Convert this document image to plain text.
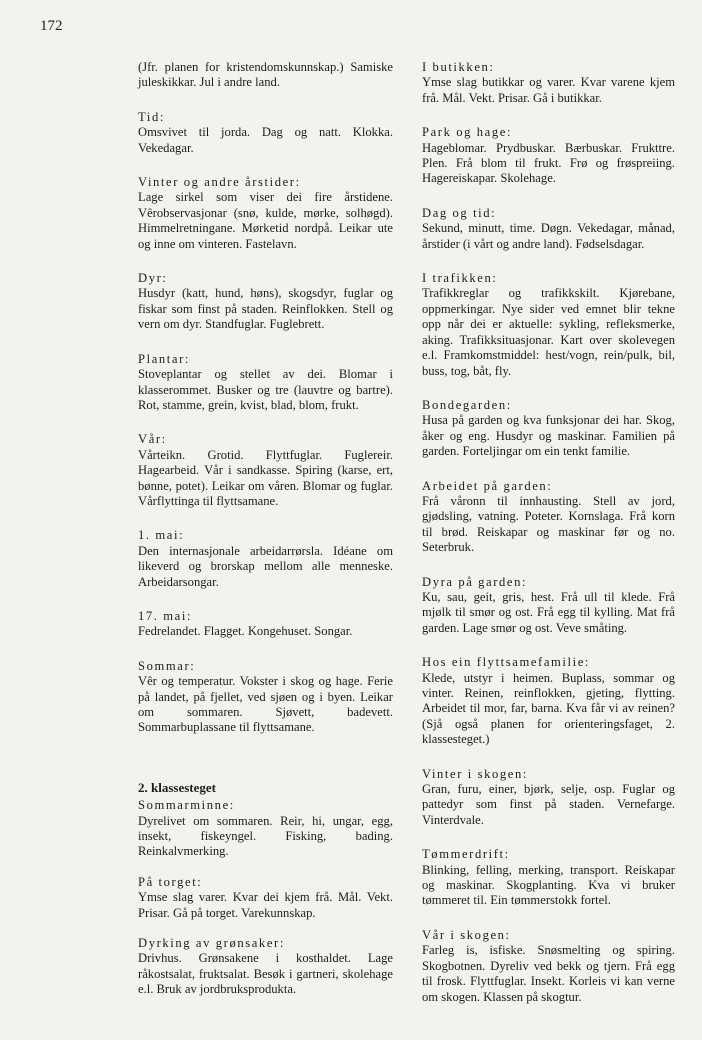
172

(Jfr. planen for kristendomskunnskap.) Samiske juleskikkar. Jul i andre land.

Tid:

Omsvivet til jorda. Dag og natt. Klokka. Vekedagar.

Vinter og andre årstider:

Lage sirkel som viser dei fire årstidene. Vêrobservasjonar (snø, kulde, mørke, solhøgd). Himmelretningane. Mørketid nordpå. Leikar ute og inne om vinteren. Fastelavn.

Dyr:

Husdyr (katt, hund, høns), skogsdyr, fuglar og fiskar som finst på staden. Reinflokken. Stell og vern om dyr. Standfuglar. Fuglebrett.

Plantar:

Stoveplantar og stellet av dei. Blomar i klasserommet. Busker og tre (lauvtre og bartre). Rot, stamme, grein, kvist, blad, blom, frukt.

Vår:

Vårteikn. Grotid. Flyttfuglar. Fuglereir. Hagearbeid. Vår i sandkasse. Spiring (karse, ert, bønne, potet). Leikar om våren. Blomar og fuglar. Vårflyttinga til flyttsamane.

1. mai:

Den internasjonale arbeidarrørsla. Idéane om likeverd og brorskap mellom alle menneske. Arbeidarsongar.

17. mai:

Fedrelandet. Flagget. Kongehuset. Songar.

Sommar:

Vêr og temperatur. Vokster i skog og hage. Ferie på landet, på fjellet, ved sjøen og i byen. Leikar om sommaren. Sjøvett, badevett. Sommarbuplassane til flyttsamane.

2. klassesteget

Sommarminne:

Dyrelivet om sommaren. Reir, hi, ungar, egg, insekt, fiskeyngel. Fisking, bading. Reinkalvmerking.

På torget:

Ymse slag varer. Kvar dei kjem frå. Mål. Vekt. Prisar. Gå på torget. Varekunnskap.

Dyrking av grønsaker:

Drivhus. Grønsakene i kosthaldet. Lage råkostsalat, fruktsalat. Besøk i gartneri, skolehage e.l. Bruk av jordbruksprodukta.

I butikken:

Ymse slag butikkar og varer. Kvar varene kjem frå. Mål. Vekt. Prisar. Gå i butikkar.

Park og hage:

Hageblomar. Prydbuskar. Bærbuskar. Frukttre. Plen. Frå blom til frukt. Frø og frøspreiing. Hagereiskapar. Skolehage.

Dag og tid:

Sekund, minutt, time. Døgn. Vekedagar, månad, årstider (i vårt og andre land). Fødselsdagar.

I trafikken:

Trafikkreglar og trafikkskilt. Kjørebane, oppmerkingar. Nye sider ved emnet blir tekne opp når dei er aktuelle: sykling, refleksmerke, aking. Trafikksituasjonar. Kart over skolevegen e.l. Framkomstmiddel: hest/vogn, rein/pulk, bil, buss, tog, båt, fly.

Bondegarden:

Husa på garden og kva funksjonar dei har. Skog, åker og eng. Husdyr og maskinar. Familien på garden. Forteljingar om ein tenkt familie.

Arbeidet på garden:

Frå våronn til innhausting. Stell av jord, gjødsling, vatning. Poteter. Kornslaga. Frå korn til brød. Reiskapar og maskinar før og no. Seterbruk.

Dyra på garden:

Ku, sau, geit, gris, hest. Frå ull til klede. Frå mjølk til smør og ost. Frå egg til kylling. Mat frå garden. Lage smør og ost. Veve småting.

Hos ein flyttsamefamilie:

Klede, utstyr i heimen. Buplass, sommar og vinter. Reinen, reinflokken, gjeting, flytting. Arbeidet til mor, far, barna. Kva får vi av reinen? (Sjå også planen for orienteringsfaget, 2. klassesteget.)

Vinter i skogen:

Gran, furu, einer, bjørk, selje, osp. Fuglar og pattedyr som finst på staden. Vernefarge. Vinterdvale.

Tømmerdrift:

Blinking, felling, merking, transport. Reiskapar og maskinar. Skogplanting. Kva vi bruker tømmeret til. Ein tømmerstokk fortel.

Vår i skogen:

Farleg is, isfiske. Snøsmelting og spiring. Skogbotnen. Dyreliv ved bekk og tjern. Frå egg til frosk. Flyttfuglar. Insekt. Korleis vi kan verne om skogen. Klassen på skogtur.
